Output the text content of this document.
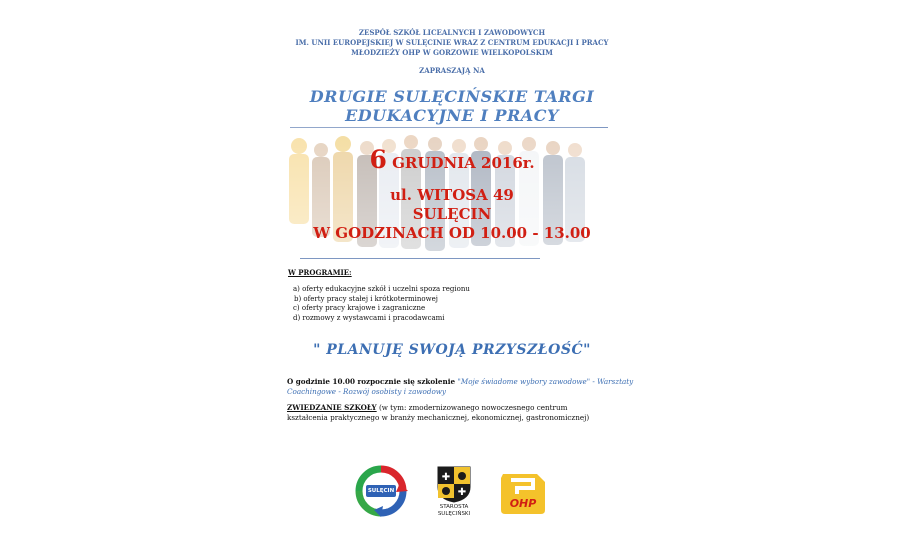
ZESPÓŁ SZKÓŁ LICEALNYCH I ZAWODOWYCH
IM. UNII EUROPEJSKIEJ W SULĘCINIE WRAZ Z CENTRUM EDUKACJI I PRACY
MŁODZIEŻY OHP W GORZOWIE WIELKOPOLSKIM
ZAPRASZAJĄ NA
DRUGIE SULĘCIŃSKIE TARGI
EDUKACYJNE I PRACY
6 GRUDNIA 2016r.
ul. WITOSA 49
SULĘCIN
W GODZINACH OD 10.00 - 13.00
W PROGRAMIE:
a) oferty edukacyjne szkół i uczelni spoza regionu
b) oferty pracy stałej i krótkoterminowej
c) oferty pracy krajowe i zagraniczne
d) rozmowy z wystawcami i pracodawcami
" PLANUJĘ SWOJĄ PRZYSZŁOŚĆ"
O godzinie 10.00 rozpocznie się szkolenie "Moje świadome wybory zawodowe" - Warsztaty
Coachingowe - Rozwój osobisty i zawodowy
ZWIEDZANIE SZKOŁY (w tym: zmodernizowanego nowoczesnego centrum
kształcenia praktycznego w branży mechanicznej, ekonomicznej, gastronomicznej)
SULĘCIN
✚
✚
STAROSTA
SULĘCIŃSKI
OHP
